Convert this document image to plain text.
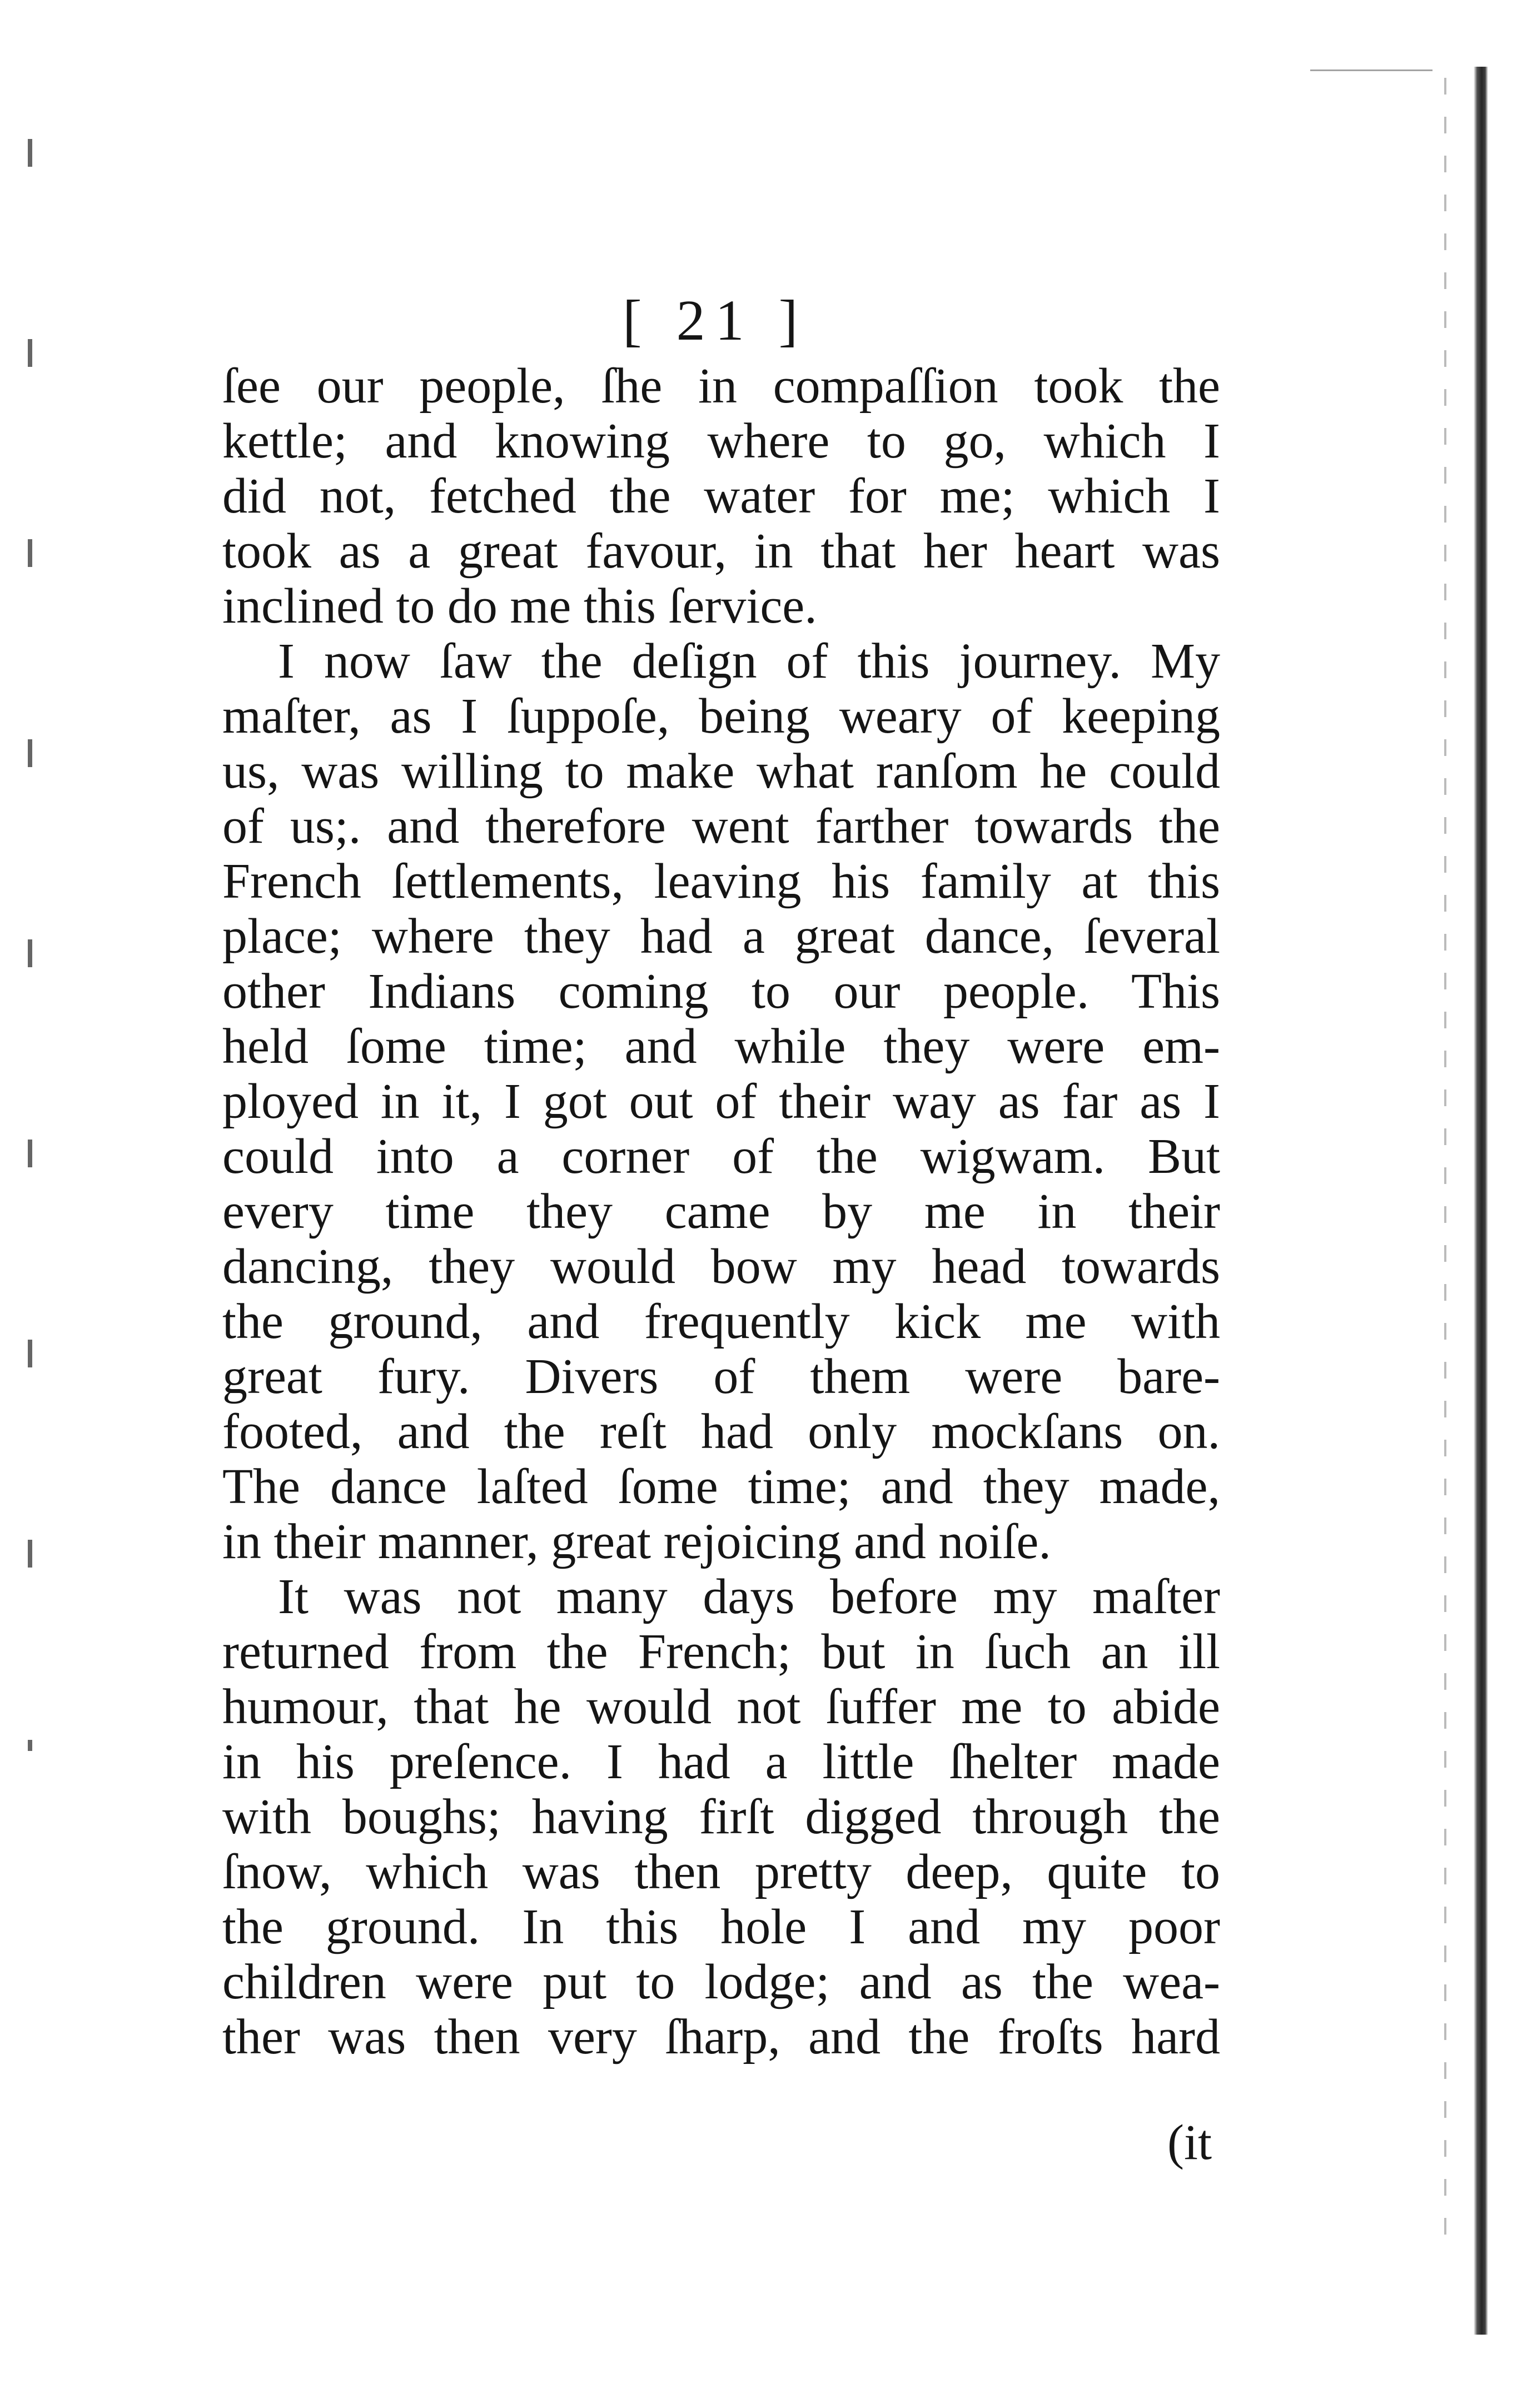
[ 21 ]
ſee our people, ſhe in compaſſion took the
kettle; and knowing where to go, which I
did not, fetched the water for me; which I
took as a great favour, in that her heart was
inclined to do me this ſervice.
I now ſaw the deſign of this journey. My
maſter, as I ſuppoſe, being weary of keeping
us, was willing to make what ranſom he could
of us;. and therefore went farther towards the
French ſettlements, leaving his family at this
place; where they had a great dance, ſeveral
other Indians coming to our people. This
held ſome time; and while they were em-
ployed in it, I got out of their way as far as I
could into a corner of the wigwam. But
every time they came by me in their
dancing, they would bow my head towards
the ground, and frequently kick me with
great fury. Divers of them were bare-
footed, and the reſt had only mockſans on.
The dance laſted ſome time; and they made,
in their manner, great rejoicing and noiſe.
It was not many days before my maſter
returned from the French; but in ſuch an ill
humour, that he would not ſuffer me to abide
in his preſence. I had a little ſhelter made
with boughs; having firſt digged through the
ſnow, which was then pretty deep, quite to
the ground. In this hole I and my poor
children were put to lodge; and as the wea-
ther was then very ſharp, and the froſts hard
(it
